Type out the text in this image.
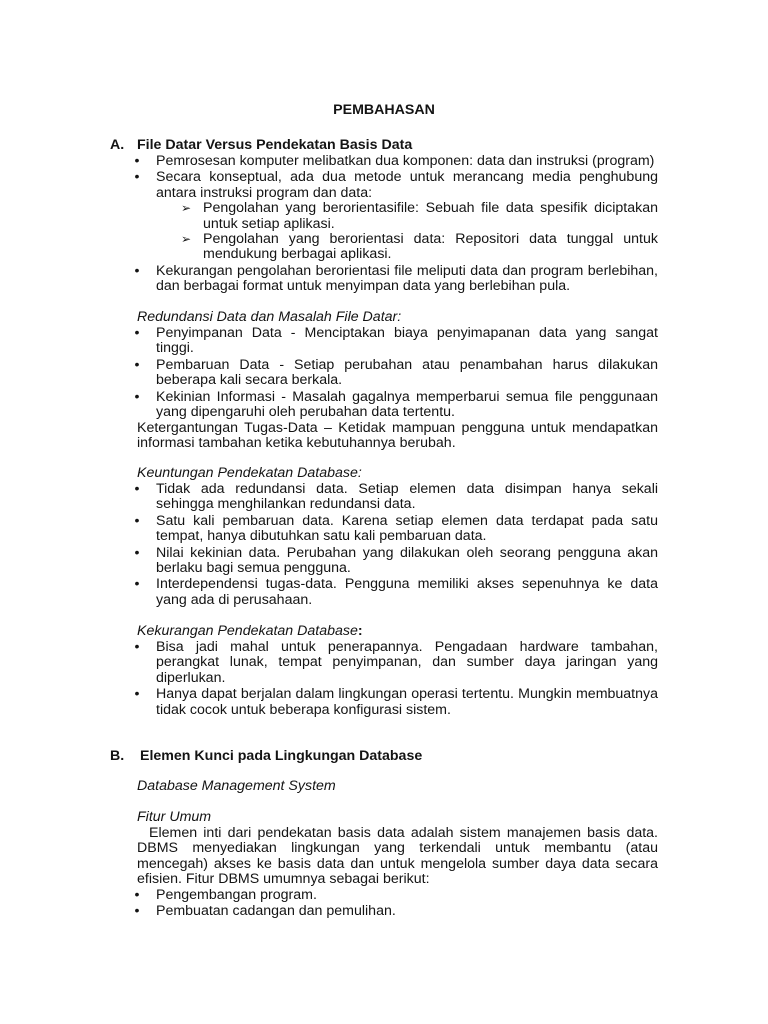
PEMBAHASAN
A. File Datar Versus Pendekatan Basis Data
• Pemrosesan komputer melibatkan dua komponen: data dan instruksi (program)
• Secara konseptual, ada dua metode untuk merancang media penghubung antara instruksi program dan data:
➢ Pengolahan yang berorientasifile: Sebuah file data spesifik diciptakan untuk setiap aplikasi.
➢ Pengolahan yang berorientasi data: Repositori data tunggal untuk mendukung berbagai aplikasi.
• Kekurangan pengolahan berorientasi file meliputi data dan program berlebihan, dan berbagai format untuk menyimpan data yang berlebihan pula.

Redundansi Data dan Masalah File Datar:

• Penyimpanan Data - Menciptakan biaya penyimapanan data yang sangat tinggi.
• Pembaruan Data - Setiap perubahan atau penambahan harus dilakukan beberapa kali secara berkala.
• Kekinian Informasi - Masalah gagalnya memperbarui semua file penggunaan yang dipengaruhi oleh perubahan data tertentu.

Ketergantungan Tugas-Data – Ketidak mampuan pengguna untuk mendapatkan informasi tambahan ketika kebutuhannya berubah.

Keuntungan Pendekatan Database:

• Tidak ada redundansi data. Setiap elemen data disimpan hanya sekali sehingga menghilankan redundansi data.
• Satu kali pembaruan data. Karena setiap elemen data terdapat pada satu tempat, hanya dibutuhkan satu kali pembaruan data.
• Nilai kekinian data. Perubahan yang dilakukan oleh seorang pengguna akan berlaku bagi semua pengguna.
• Interdependensi tugas-data. Pengguna memiliki akses sepenuhnya ke data yang ada di perusahaan.

Kekurangan Pendekatan Database:

• Bisa jadi mahal untuk penerapannya. Pengadaan hardware tambahan, perangkat lunak, tempat penyimpanan, dan sumber daya jaringan yang diperlukan.
• Hanya dapat berjalan dalam lingkungan operasi tertentu. Mungkin membuatnya tidak cocok untuk beberapa konfigurasi sistem.
B. Elemen Kunci pada Lingkungan Database

Database Management System

Fitur Umum

Elemen inti dari pendekatan basis data adalah sistem manajemen basis data. DBMS menyediakan lingkungan yang terkendali untuk membantu (atau mencegah) akses ke basis data dan untuk mengelola sumber daya data secara efisien. Fitur DBMS umumnya sebagai berikut:

• Pengembangan program.
• Pembuatan cadangan dan pemulihan.
